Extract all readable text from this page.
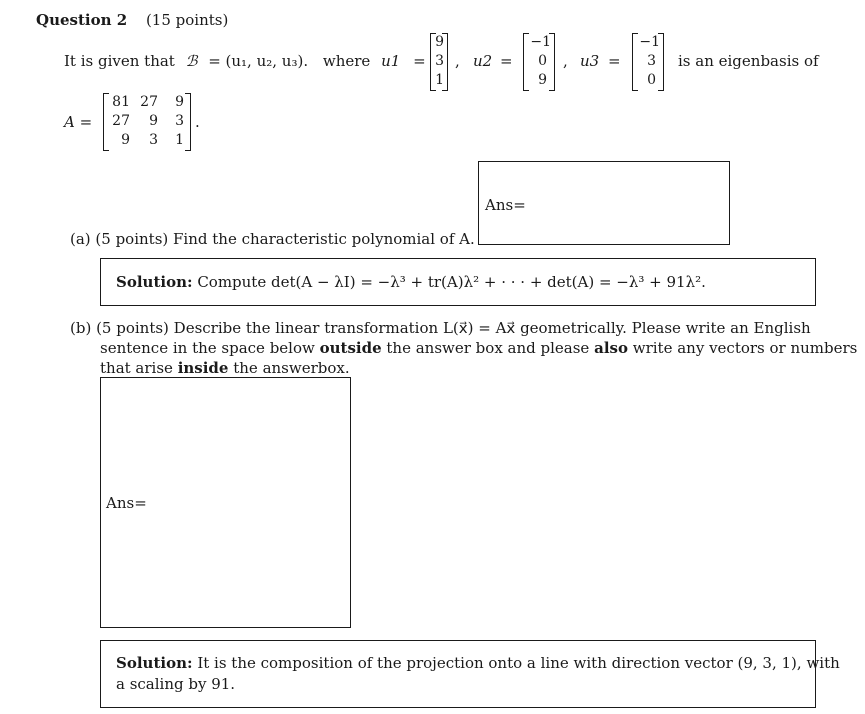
Question 2 (15 points)
It is given that ℬ = (u₁, u₂, u₃). where u1 =
9
3
1
, u2 =
−1
0
9
, u3 =
−1
3
0
is an eigenbasis of
A =
81 27	9
27	9	3
9	3	1
.
Ans=
(a) (5 points) Find the characteristic polynomial of A.
Solution: Compute det(A − λI) = −λ³ + tr(A)λ² + · · · + det(A) = −λ³ + 91λ².
(b) (5 points) Describe the linear transformation L(x⃗) = Ax⃗ geometrically. Please write an English
sentence in the space below outside the answer box and please also write any vectors or numbers
that arise inside the answerbox.
Ans=
Solution: It is the composition of the projection onto a line with direction vector (9, 3, 1), with
a scaling by 91.
